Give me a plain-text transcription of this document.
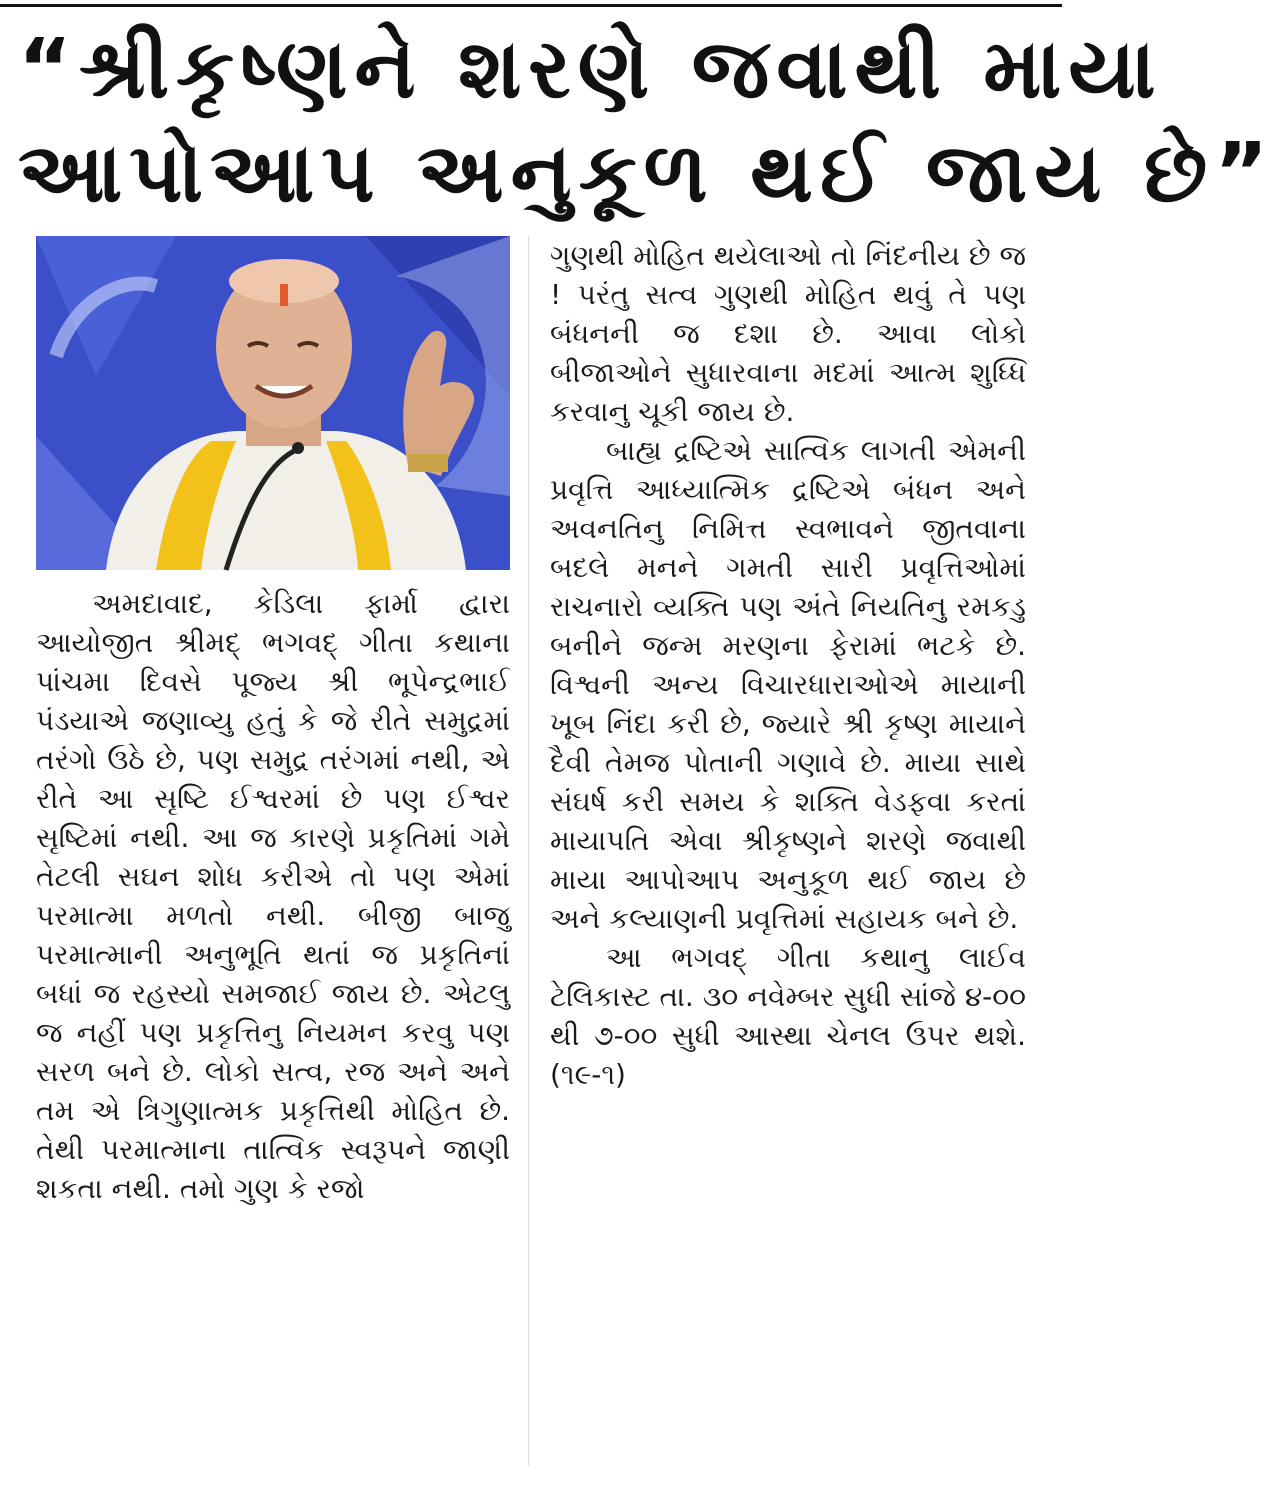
“શ્રીકૃષ્ણને શરણે જવાથી માયા
આપોઆપ અનુકૂળ થઈ જાય છે”

અમદાવાદ, કેડિલા ફાર્મા દ્વારા આયોજીત શ્રીમદ્ ભગવદ્ ગીતા કથાના પાંચમા દિવસે પૂજ્ય શ્રી ભૂપેન્દ્રભાઈ પંડયાએ જણાવ્યુ હતું કે જે રીતે સમુદ્રમાં તરંગો ઉઠે છે, પણ સમુદ્ર તરંગમાં નથી, એ રીતે આ સૃષ્ટિ ઈશ્વરમાં છે પણ ઈશ્વર સૃષ્ટિમાં નથી. આ જ કારણે પ્રકૃતિમાં ગમે તેટલી સઘન શોધ કરીએ તો પણ એમાં પરમાત્મા મળતો નથી. બીજી બાજુ પરમાત્માની અનુભૂતિ થતાં જ પ્રકૃતિનાં બધાં જ રહસ્યો સમજાઈ જાય છે. એટલુ જ નહીં પણ પ્રકૃત્તિનુ નિયમન કરવુ પણ સરળ બને છે. લોકો સત્વ, રજ અને અને તમ એ ત્રિગુણાત્મક પ્રકૃત્તિથી મોહિત છે. તેથી પરમાત્માના તાત્વિક સ્વરૂપને જાણી શકતા નથી. તમો ગુણ કે રજો

ગુણથી મોહિત થયેલાઓ તો નિંદનીય છે જ ! પરંતુ સત્વ ગુણથી મોહિત થવું તે પણ બંધનની જ દશા છે. આવા લોકો બીજાઓને સુધારવાના મદમાં આત્મ શુધ્ધિ કરવાનુ ચૂકી જાય છે.

બાહ્ય દ્રષ્ટિએ સાત્વિક લાગતી એમની પ્રવૃત્તિ આધ્યાત્મિક દ્રષ્ટિએ બંધન અને અવનતિનુ નિમિત્ત સ્વભાવને જીતવાના બદલે મનને ગમતી સારી પ્રવૃત્તિઓમાં રાચનારો વ્યક્તિ પણ અંતે નિયતિનુ રમકડુ બનીને જન્મ મરણના ફેરામાં ભટકે છે. વિશ્વની અન્ય વિચારધારાઓએ માયાની ખૂબ નિંદા કરી છે, જ્યારે શ્રી કૃષ્ણ માયાને દૈવી તેમજ પોતાની ગણાવે છે. માયા સાથે સંઘર્ષ કરી સમય કે શક્તિ વેડફવા કરતાં માયાપતિ એવા શ્રીકૃષ્ણને શરણે જવાથી માયા આપોઆપ અનુકૂળ થઈ જાય છે અને કલ્યાણની પ્રવૃત્તિમાં સહાયક બને છે.

આ ભગવદ્ ગીતા કથાનુ લાઈવ ટેલિકાસ્ટ તા. ૩૦ નવેમ્બર સુધી સાંજે ૪-૦૦ થી ૭-૦૦ સુધી આસ્થા ચેનલ ઉપર થશે. (૧૯-૧)
